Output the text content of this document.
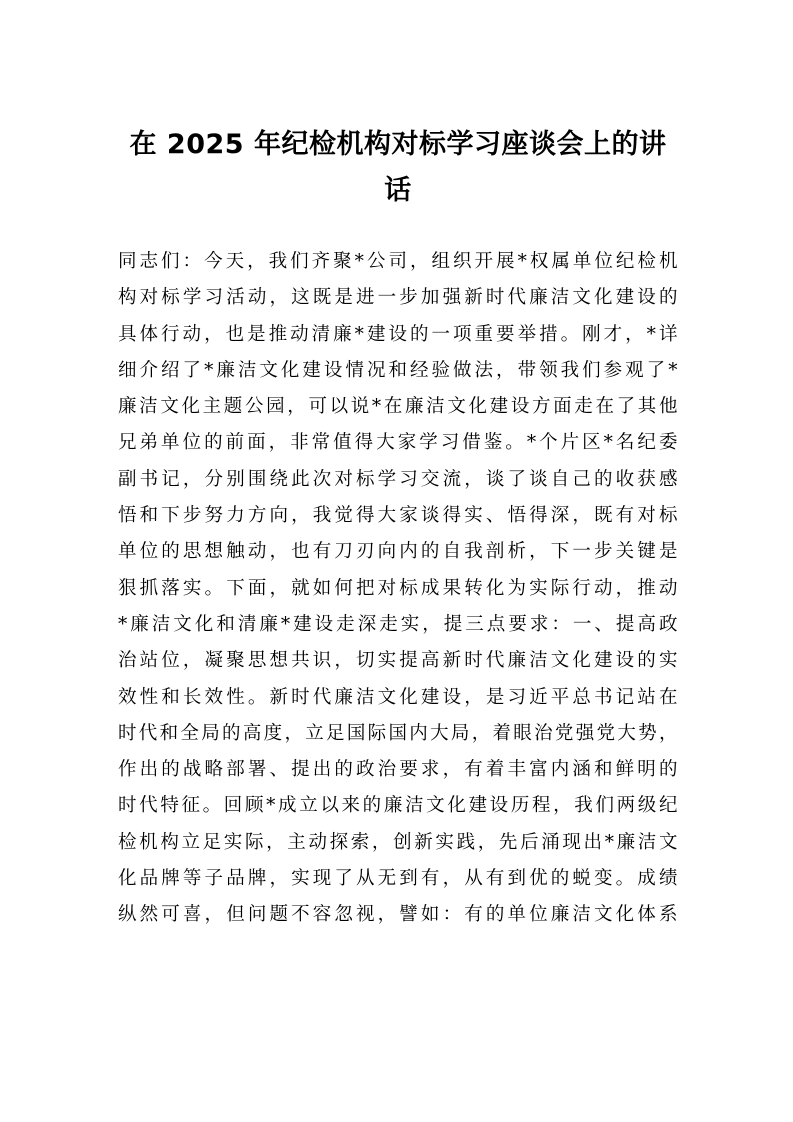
在 2025 年纪检机构对标学习座谈会上的讲话
同志们：今天，我们齐聚*公司，组织开展*权属单位纪检机
构对标学习活动，这既是进一步加强新时代廉洁文化建设的
具体行动，也是推动清廉*建设的一项重要举措。刚才，*详
细介绍了*廉洁文化建设情况和经验做法，带领我们参观了*
廉洁文化主题公园，可以说*在廉洁文化建设方面走在了其他
兄弟单位的前面，非常值得大家学习借鉴。*个片区*名纪委
副书记，分别围绕此次对标学习交流，谈了谈自己的收获感
悟和下步努力方向，我觉得大家谈得实、悟得深，既有对标
单位的思想触动，也有刀刃向内的自我剖析，下一步关键是
狠抓落实。下面，就如何把对标成果转化为实际行动，推动
*廉洁文化和清廉*建设走深走实，提三点要求：一、提高政
治站位，凝聚思想共识，切实提高新时代廉洁文化建设的实
效性和长效性。新时代廉洁文化建设，是习近平总书记站在
时代和全局的高度，立足国际国内大局，着眼治党强党大势，
作出的战略部署、提出的政治要求，有着丰富内涵和鲜明的
时代特征。回顾*成立以来的廉洁文化建设历程，我们两级纪
检机构立足实际，主动探索，创新实践，先后涌现出*廉洁文
化品牌等子品牌，实现了从无到有，从有到优的蜕变。成绩
纵然可喜，但问题不容忽视，譬如：有的单位廉洁文化体系
